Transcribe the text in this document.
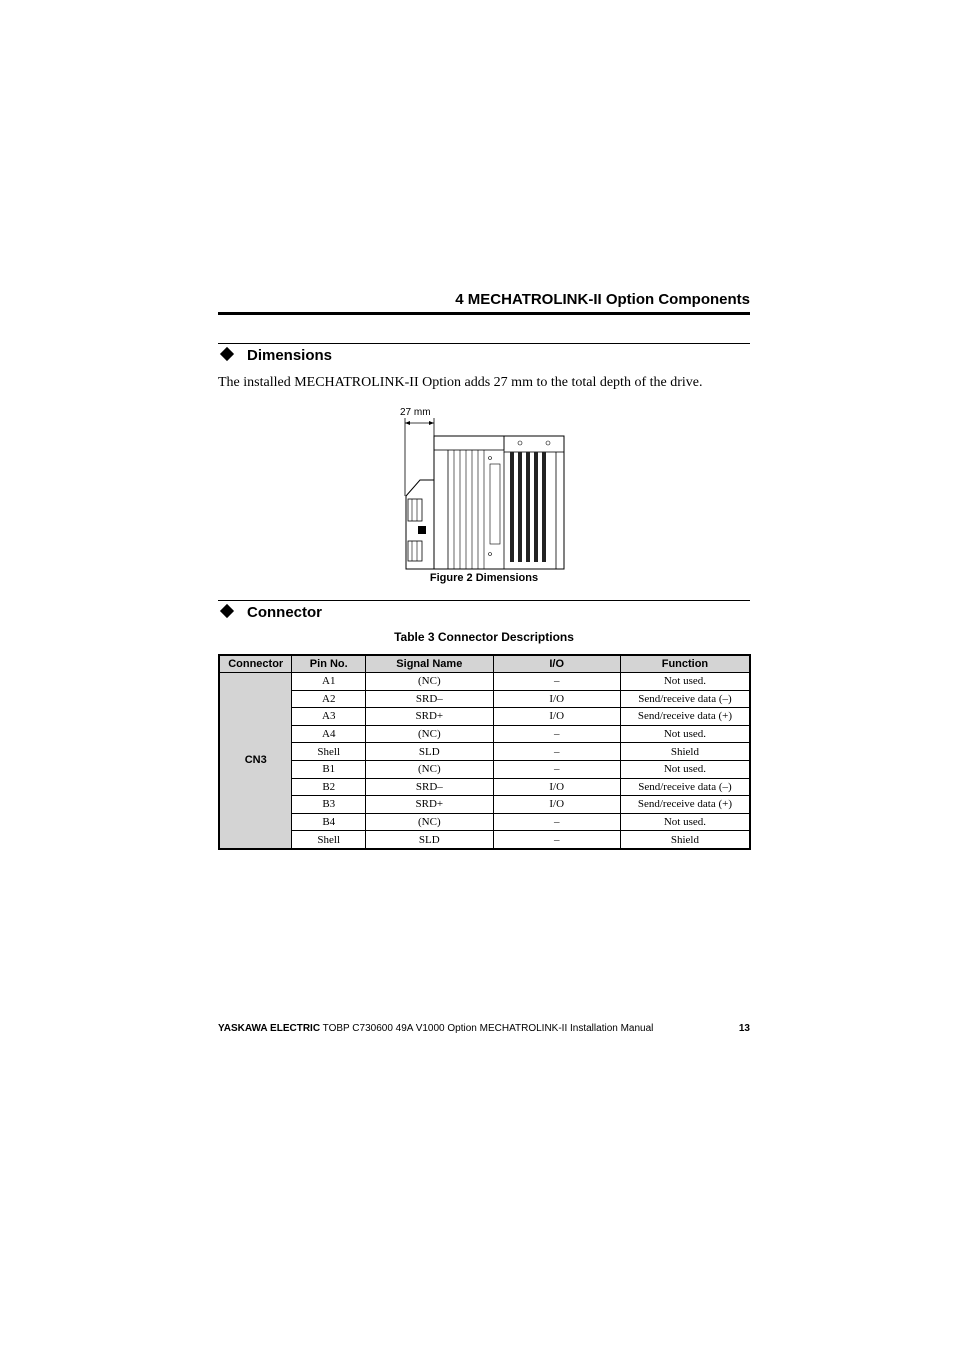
4 MECHATROLINK-II Option Components
Dimensions
The installed MECHATROLINK-II Option adds 27 mm to the total depth of the drive.
27 mm
Figure 2 Dimensions
Connector
Table 3 Connector Descriptions
Connector	Pin No.	Signal Name	I/O	Function
CN3	A1	(NC)	–	Not used.
	A2	SRD–	I/O	Send/receive data (–)
	A3	SRD+	I/O	Send/receive data (+)
	A4	(NC)	–	Not used.
	Shell	SLD	–	Shield
	B1	(NC)	–	Not used.
	B2	SRD–	I/O	Send/receive data (–)
	B3	SRD+	I/O	Send/receive data (+)
	B4	(NC)	–	Not used.
	Shell	SLD	–	Shield
YASKAWA ELECTRIC TOBP C730600 49A V1000 Option MECHATROLINK-II Installation Manual	13
